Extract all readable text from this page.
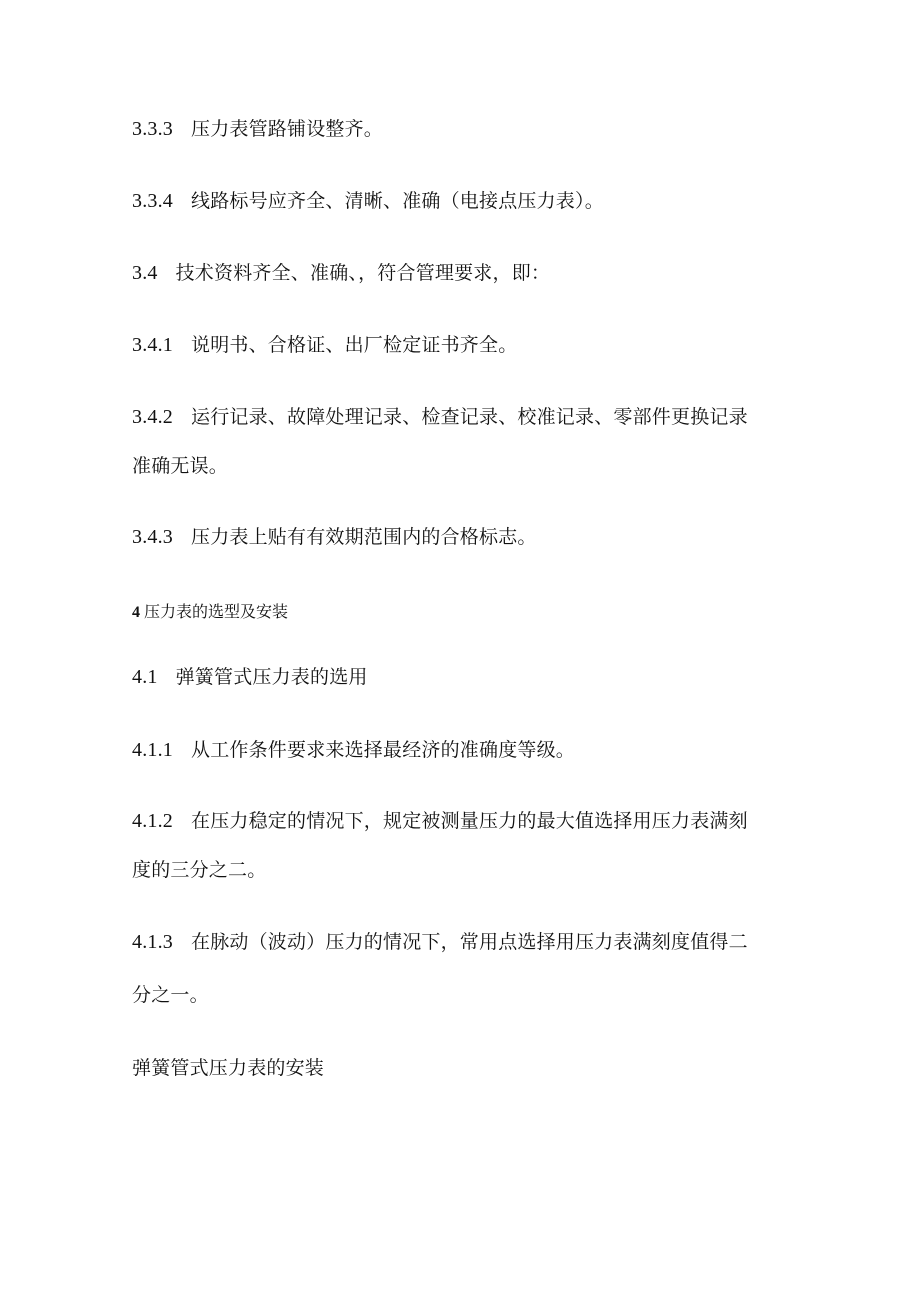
3.3.3 压力表管路铺设整齐。
3.3.4 线路标号应齐全、清晰、准确（电接点压力表）。
3.4 技术资料齐全、准确、，符合管理要求，即：
3.4.1 说明书、合格证、出厂检定证书齐全。
3.4.2 运行记录、故障处理记录、检查记录、校准记录、零部件更换记录
准确无误。
3.4.3 压力表上贴有有效期范围内的合格标志。
4 压力表的选型及安装
4.1 弹簧管式压力表的选用
4.1.1 从工作条件要求来选择最经济的准确度等级。
4.1.2 在压力稳定的情况下，规定被测量压力的最大值选择用压力表满刻
度的三分之二。
4.1.3 在脉动（波动）压力的情况下，常用点选择用压力表满刻度值得二
分之一。
弹簧管式压力表的安装
